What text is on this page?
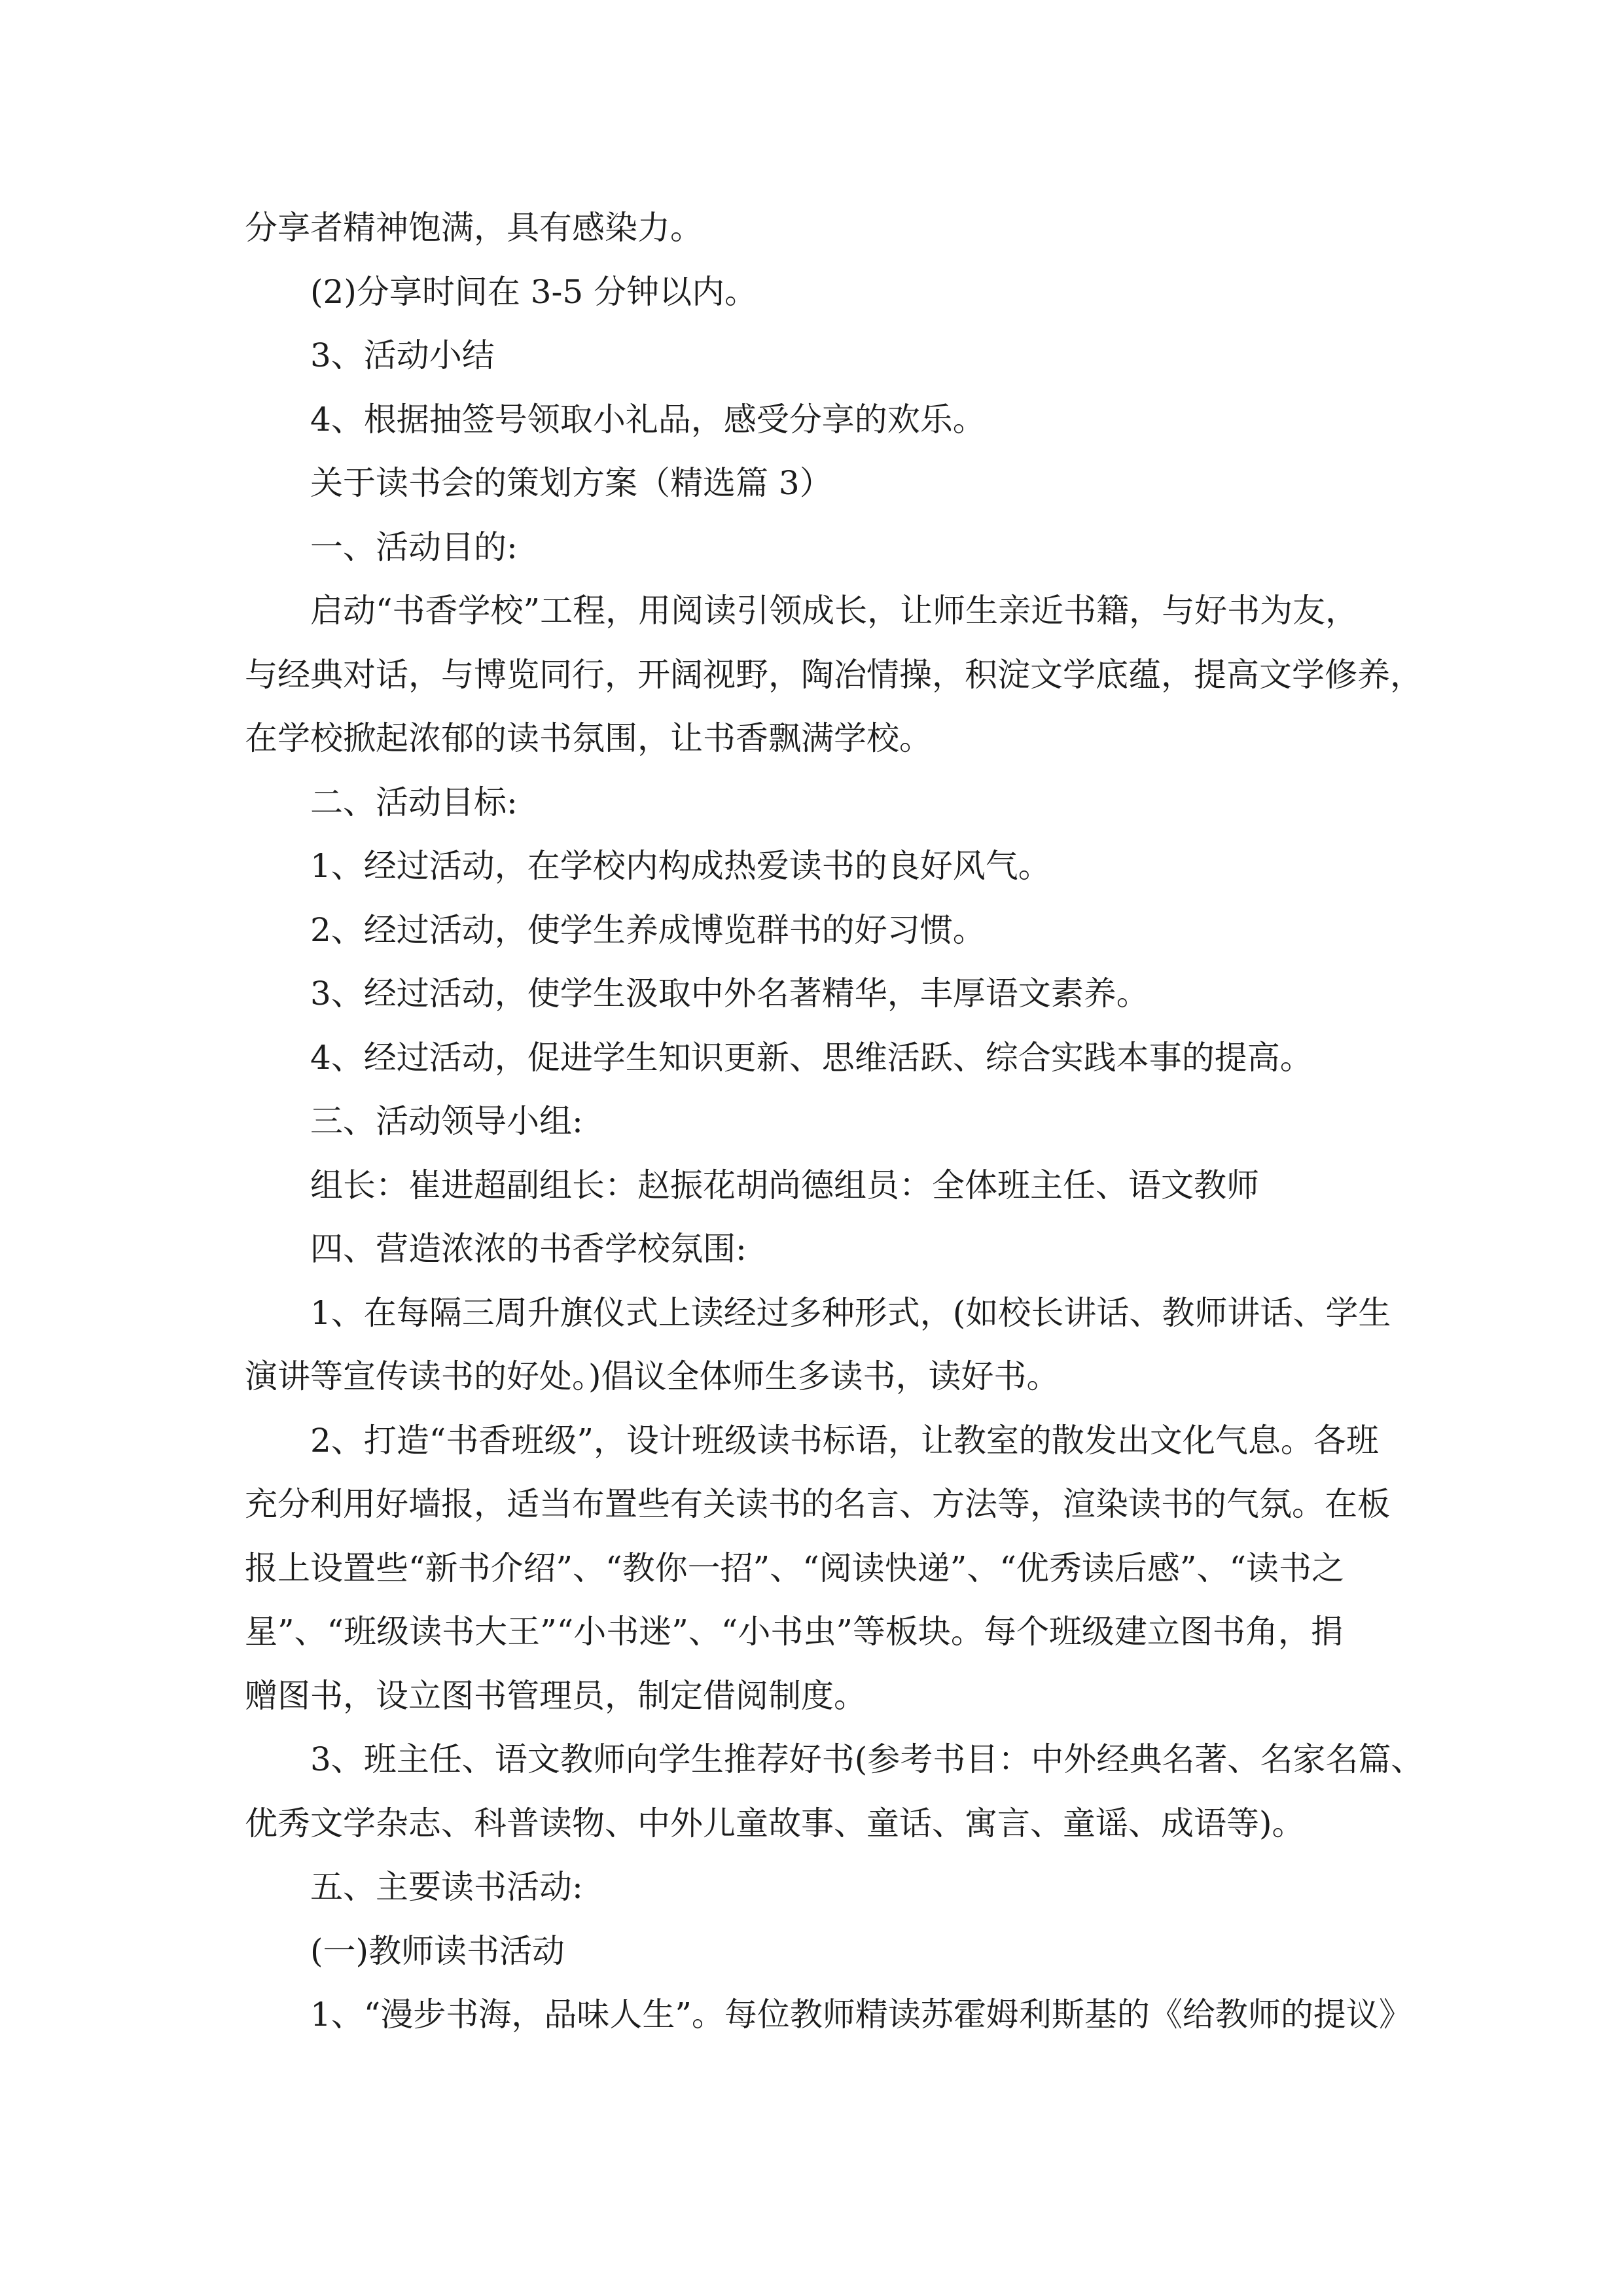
分享者精神饱满，具有感染力。
(2)分享时间在 3-5 分钟以内。
3、活动小结
4、根据抽签号领取小礼品，感受分享的欢乐。
关于读书会的策划方案（精选篇 3）
一、活动目的:
启动“书香学校”工程，用阅读引领成长，让师生亲近书籍，与好书为友，
与经典对话，与博览同行，开阔视野，陶冶情操，积淀文学底蕴，提高文学修养，
在学校掀起浓郁的读书氛围，让书香飘满学校。
二、活动目标:
1、经过活动，在学校内构成热爱读书的良好风气。
2、经过活动，使学生养成博览群书的好习惯。
3、经过活动，使学生汲取中外名著精华，丰厚语文素养。
4、经过活动，促进学生知识更新、思维活跃、综合实践本事的提高。
三、活动领导小组:
组长：崔进超副组长：赵振花胡尚德组员：全体班主任、语文教师
四、营造浓浓的书香学校氛围:
1、在每隔三周升旗仪式上读经过多种形式，(如校长讲话、教师讲话、学生
演讲等宣传读书的好处。)倡议全体师生多读书，读好书。
2、打造“书香班级”，设计班级读书标语，让教室的散发出文化气息。各班
充分利用好墙报，适当布置些有关读书的名言、方法等，渲染读书的气氛。在板
报上设置些“新书介绍”、“教你一招”、“阅读快递”、“优秀读后感”、“读书之
星”、“班级读书大王”“小书迷”、“小书虫”等板块。每个班级建立图书角，捐
赠图书，设立图书管理员，制定借阅制度。
3、班主任、语文教师向学生推荐好书(参考书目：中外经典名著、名家名篇、
优秀文学杂志、科普读物、中外儿童故事、童话、寓言、童谣、成语等)。
五、主要读书活动:
(一)教师读书活动
1、“漫步书海，品味人生”。每位教师精读苏霍姆利斯基的《给教师的提议》
